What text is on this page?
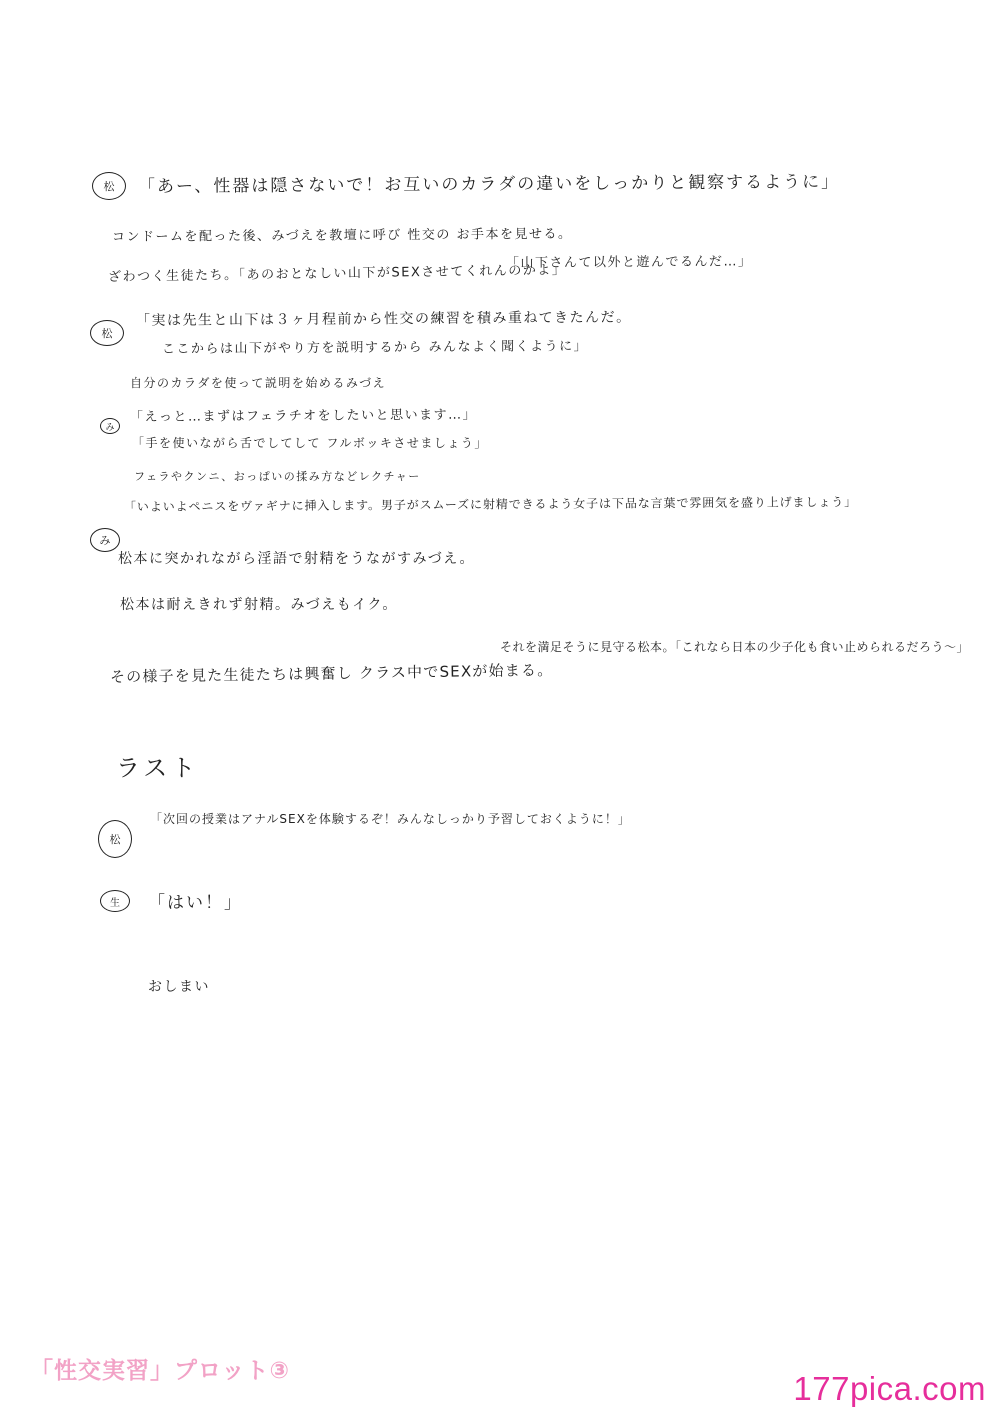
松 「あー、性器は隠さないで！お互いのカラダの違いをしっかりと観察するように」
コンドームを配った後、みづえを教壇に呼び 性交の お手本を見せる。
ざわつく生徒たち。「あのおとなしい山下がSEXさせてくれんのかよ」
「山下さんて以外と遊んでるんだ…」
松
「実は先生と山下は３ヶ月程前から性交の練習を積み重ねてきたんだ。
ここからは山下がやり方を説明するから みんなよく聞くように」
自分のカラダを使って説明を始めるみづえ
み
「えっと…まずはフェラチオをしたいと思います…」
「手を使いながら舌でしてして フルボッキさせましょう」
フェラやクンニ、おっぱいの揉み方などレクチャー
み
「いよいよペニスをヴァギナに挿入します。男子がスムーズに射精できるよう女子は下品な言葉で雰囲気を盛り上げましょう」
松本に突かれながら淫語で射精をうながすみづえ。
松本は耐えきれず射精。みづえもイク。
その様子を見た生徒たちは興奮し クラス中でSEXが始まる。
それを満足そうに見守る松本。「これなら日本の少子化も食い止められるだろう〜」
ラスト
松
「次回の授業はアナルSEXを体験するぞ！みんなしっかり予習しておくように！」
生 「はい！」
おしまい
「性交実習」プロット③	177pica.com
